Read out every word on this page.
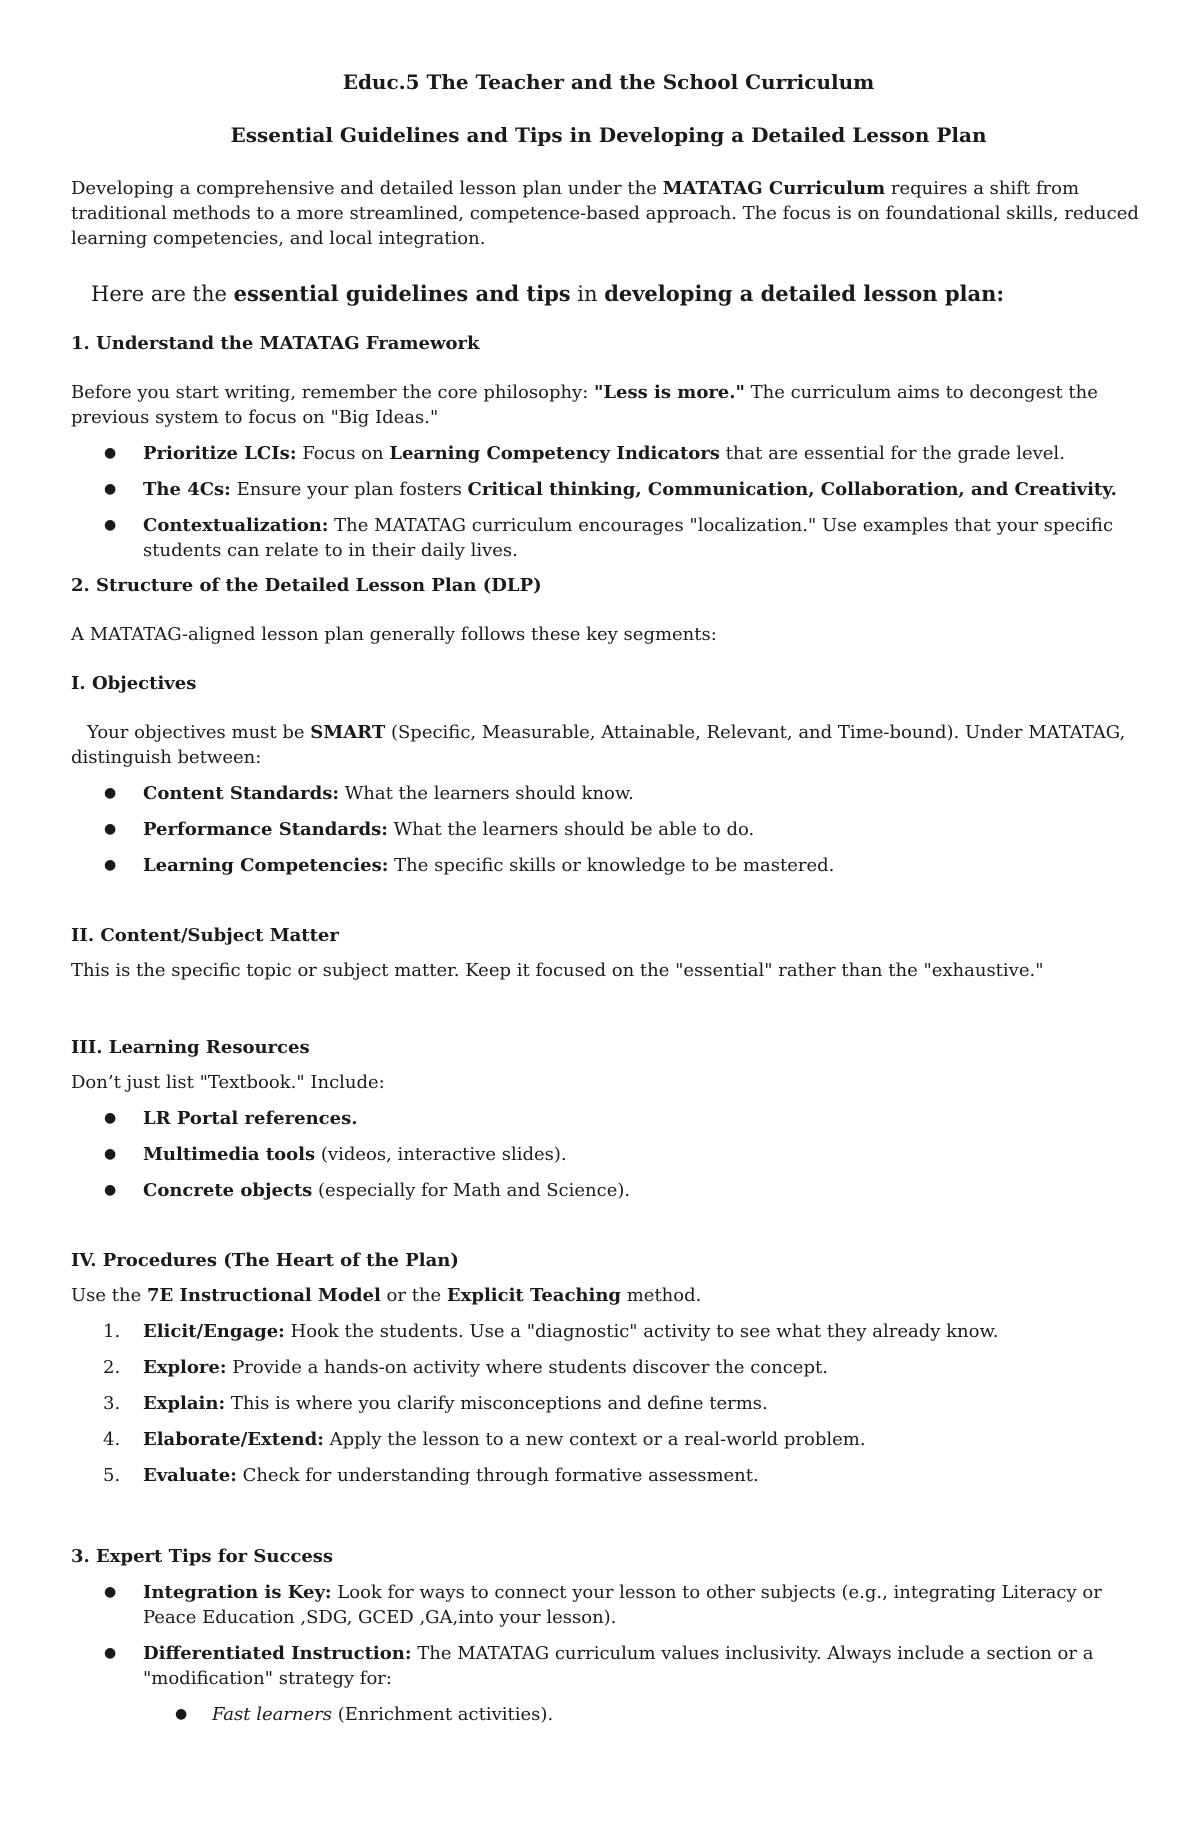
Educ.5 The Teacher and the School Curriculum

Essential Guidelines and Tips in Developing a Detailed Lesson Plan

Developing a comprehensive and detailed lesson plan under the MATATAG Curriculum requires a shift from traditional methods to a more streamlined, competence-based approach. The focus is on foundational skills, reduced learning competencies, and local integration.

Here are the essential guidelines and tips in developing a detailed lesson plan:

1. Understand the MATATAG Framework

Before you start writing, remember the core philosophy: "Less is more." The curriculum aims to decongest the previous system to focus on "Big Ideas."

● Prioritize LCIs: Focus on Learning Competency Indicators that are essential for the grade level.
● The 4Cs: Ensure your plan fosters Critical thinking, Communication, Collaboration, and Creativity.
● Contextualization: The MATATAG curriculum encourages "localization." Use examples that your specific students can relate to in their daily lives.

2. Structure of the Detailed Lesson Plan (DLP)

A MATATAG-aligned lesson plan generally follows these key segments:

I. Objectives

Your objectives must be SMART (Specific, Measurable, Attainable, Relevant, and Time-bound). Under MATATAG, distinguish between:

● Content Standards: What the learners should know.
● Performance Standards: What the learners should be able to do.
● Learning Competencies: The specific skills or knowledge to be mastered.

II. Content/Subject Matter

This is the specific topic or subject matter. Keep it focused on the "essential" rather than the "exhaustive."

III. Learning Resources

Don’t just list "Textbook." Include:

● LR Portal references.
● Multimedia tools (videos, interactive slides).
● Concrete objects (especially for Math and Science).

IV. Procedures (The Heart of the Plan)

Use the 7E Instructional Model or the Explicit Teaching method.

1. Elicit/Engage: Hook the students. Use a "diagnostic" activity to see what they already know.
2. Explore: Provide a hands-on activity where students discover the concept.
3. Explain: This is where you clarify misconceptions and define terms.
4. Elaborate/Extend: Apply the lesson to a new context or a real-world problem.
5. Evaluate: Check for understanding through formative assessment.

3. Expert Tips for Success

● Integration is Key: Look for ways to connect your lesson to other subjects (e.g., integrating Literacy or Peace Education ,SDG, GCED ,GA,into your lesson).
● Differentiated Instruction: The MATATAG curriculum values inclusivity. Always include a section or a "modification" strategy for:
● Fast learners (Enrichment activities).
